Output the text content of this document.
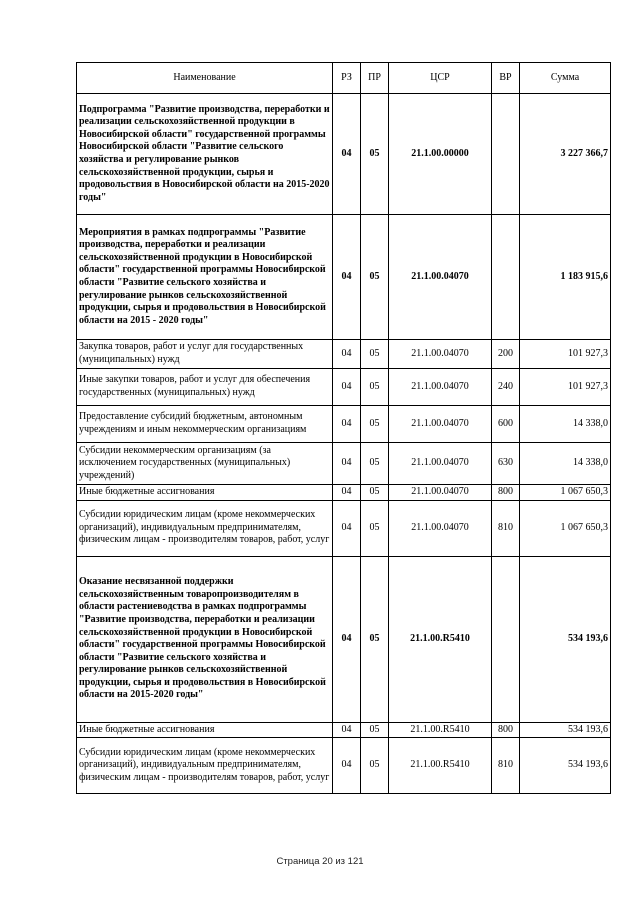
Наименование	РЗ	ПР	ЦСР	ВР	Сумма
Подпрограмма "Развитие производства, переработки и реализации сельскохозяйственной продукции в Новосибирской области" государственной программы Новосибирской области "Развитие сельского хозяйства и регулирование рынков сельскохозяйственной продукции, сырья и продовольствия в Новосибирской области на 2015-2020 годы"	04	05	21.1.00.00000		3 227 366,7
Мероприятия в рамках подпрограммы "Развитие производства, переработки и реализации сельскохозяйственной продукции в Новосибирской области" государственной программы Новосибирской области "Развитие сельского хозяйства и регулирование рынков сельскохозяйственной продукции, сырья и продовольствия в Новосибирской области на 2015 - 2020 годы"	04	05	21.1.00.04070		1 183 915,6
Закупка товаров, работ и услуг для государственных (муниципальных) нужд	04	05	21.1.00.04070	200	101 927,3
Иные закупки товаров, работ и услуг для обеспечения государственных (муниципальных) нужд	04	05	21.1.00.04070	240	101 927,3
Предоставление субсидий бюджетным, автономным учреждениям и иным некоммерческим организациям	04	05	21.1.00.04070	600	14 338,0
Субсидии некоммерческим организациям (за исключением государственных (муниципальных) учреждений)	04	05	21.1.00.04070	630	14 338,0
Иные бюджетные ассигнования	04	05	21.1.00.04070	800	1 067 650,3
Субсидии юридическим лицам (кроме некоммерческих организаций), индивидуальным предпринимателям, физическим лицам - производителям товаров, работ, услуг	04	05	21.1.00.04070	810	1 067 650,3
Оказание несвязанной поддержки сельскохозяйственным товаропроизводителям в области растениеводства в рамках подпрограммы "Развитие производства, переработки и реализации сельскохозяйственной продукции в Новосибирской области" государственной программы Новосибирской области "Развитие сельского хозяйства и регулирование рынков сельскохозяйственной продукции, сырья и продовольствия в Новосибирской области на 2015-2020 годы"	04	05	21.1.00.R5410		534 193,6
Иные бюджетные ассигнования	04	05	21.1.00.R5410	800	534 193,6
Субсидии юридическим лицам (кроме некоммерческих организаций), индивидуальным предпринимателям, физическим лицам - производителям товаров, работ, услуг	04	05	21.1.00.R5410	810	534 193,6
Страница 20 из 121
